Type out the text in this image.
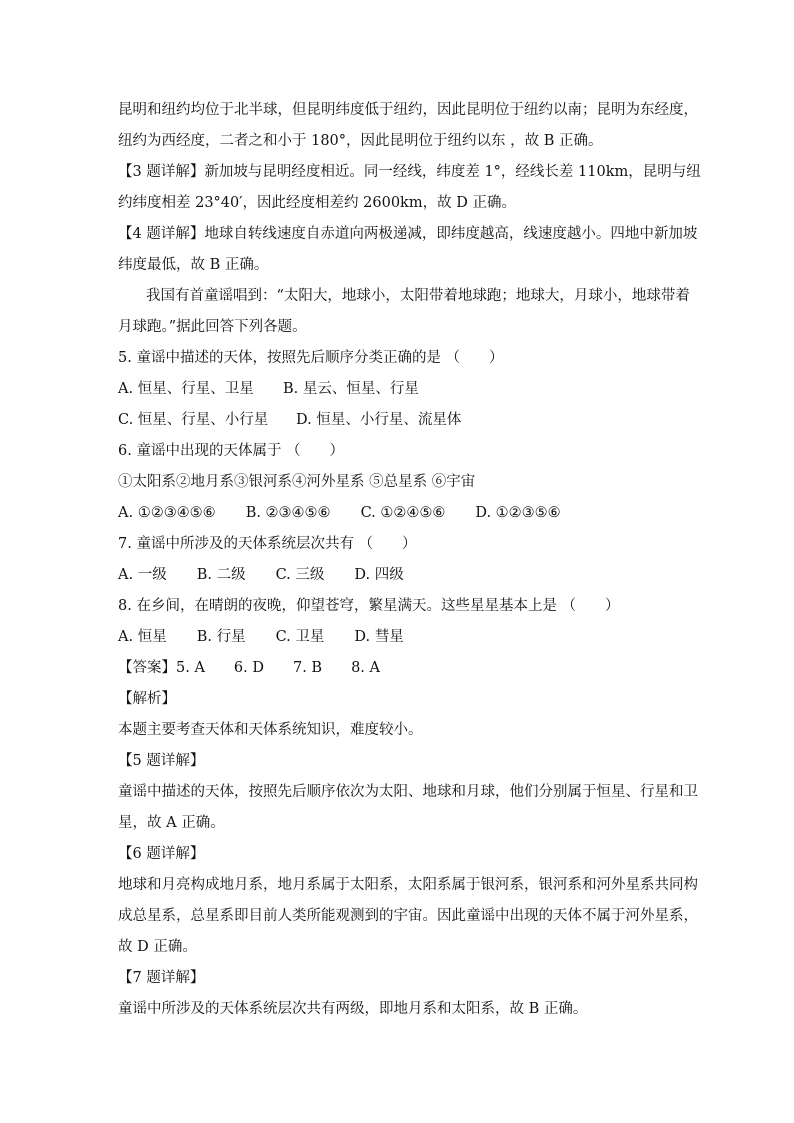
昆明和纽约均位于北半球，但昆明纬度低于纽约，因此昆明位于纽约以南；昆明为东经度，
纽约为西经度，二者之和小于 180°，因此昆明位于纽约以东 ，故 B 正确。
【3 题详解】新加坡与昆明经度相近。同一经线，纬度差 1°，经线长差 110km，昆明与纽
约纬度相差 23°40′，因此经度相差约 2600km，故 D 正确。
【4 题详解】地球自转线速度自赤道向两极递减，即纬度越高，线速度越小。四地中新加坡
纬度最低，故 B 正确。
我国有首童谣唱到：“太阳大，地球小，太阳带着地球跑；地球大，月球小，地球带着
月球跑。”据此回答下列各题。
5. 童谣中描述的天体，按照先后顺序分类正确的是 （　　）
A. 恒星、行星、卫星 B. 星云、恒星、行星
C. 恒星、行星、小行星 D. 恒星、小行星、流星体
6. 童谣中出现的天体属于 （　　）
①太阳系②地月系③银河系④河外星系 ⑤总星系 ⑥宇宙
A. ①②③④⑤⑥ B. ②③④⑤⑥ C. ①②④⑤⑥ D. ①②③⑤⑥
7. 童谣中所涉及的天体系统层次共有 （　　）
A. 一级 B. 二级 C. 三级 D. 四级
8. 在乡间，在晴朗的夜晚，仰望苍穹，繁星满天。这些星星基本上是 （　　）
A. 恒星 B. 行星 C. 卫星 D. 彗星
【答案】5. A　　6. D　　7. B　　8. A
【解析】
本题主要考查天体和天体系统知识，难度较小。
【5 题详解】
童谣中描述的天体，按照先后顺序依次为太阳、地球和月球，他们分别属于恒星、行星和卫
星，故 A 正确。
【6 题详解】
地球和月亮构成地月系，地月系属于太阳系，太阳系属于银河系，银河系和河外星系共同构
成总星系，总星系即目前人类所能观测到的宇宙。因此童谣中出现的天体不属于河外星系，
故 D 正确。
【7 题详解】
童谣中所涉及的天体系统层次共有两级，即地月系和太阳系，故 B 正确。
